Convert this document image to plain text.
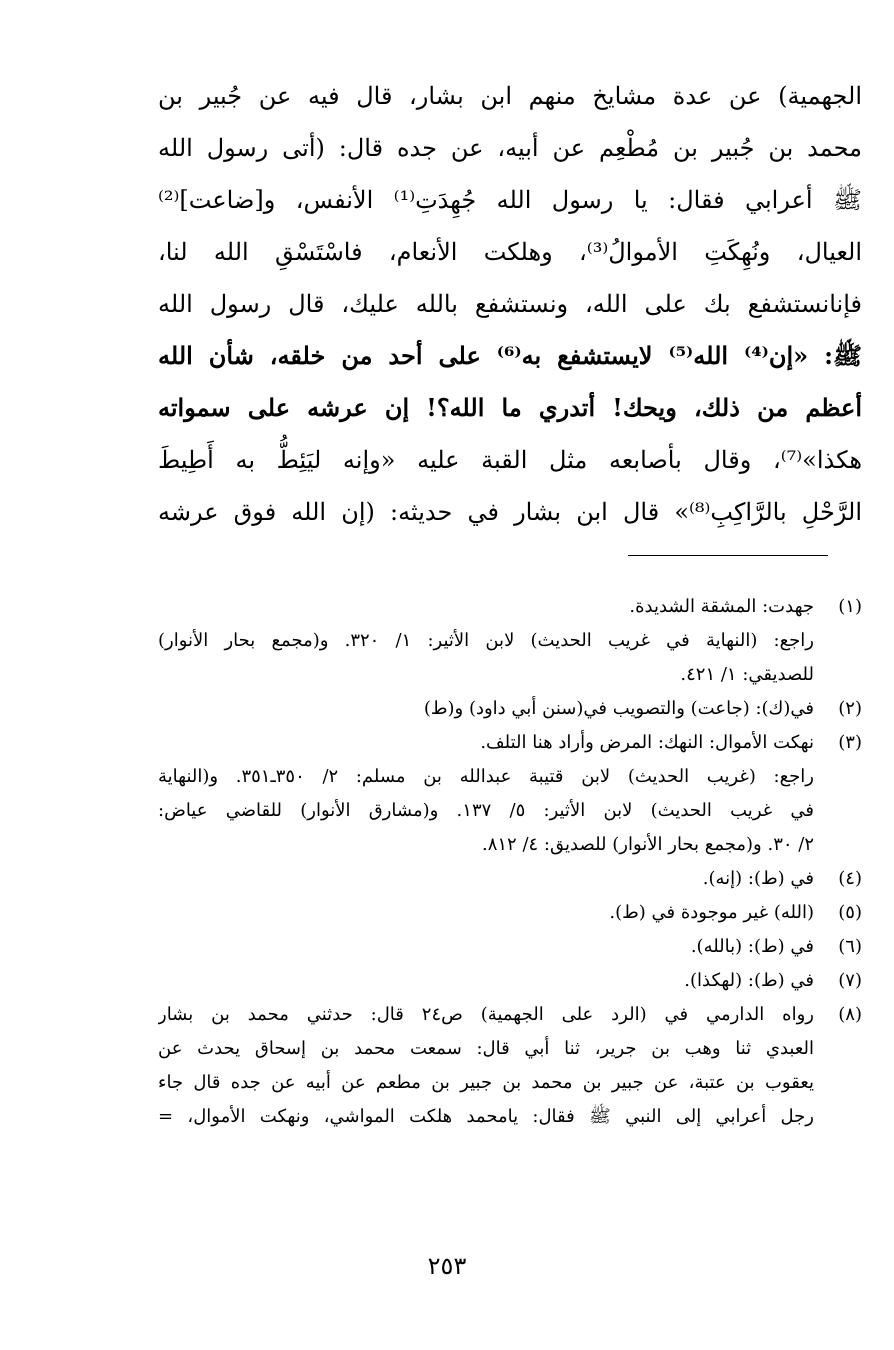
الجهمية) عن عدة مشايخ منهم ابن بشار، قال فيه عن جُبير بن
محمد بن جُبير بن مُطْعِم عن أبيه، عن جده قال: (أتى رسول الله
ﷺ أعرابي فقال: يا رسول الله جُهِدَتِ⁽¹⁾ الأنفس، و[ضاعت]⁽²⁾
العيال، ونُهِكَتِ الأموالُ⁽³⁾، وهلكت الأنعام، فاسْتَسْقِ الله لنا،
فإنانستشفع بك على الله، ونستشفع بالله عليك، قال رسول الله
ﷺ: «إن⁽⁴⁾ الله⁽⁵⁾ لايستشفع به⁽⁶⁾ على أحد من خلقه، شأن الله
أعظم من ذلك، ويحك! أتدري ما الله؟! إن عرشه على سمواته
هكذا»⁽⁷⁾، وقال بأصابعه مثل القبة عليه «وإنه ليَئِطُّ به أَطِيطَ
الرَّحْلِ بالرَّاكِبِ⁽⁸⁾» قال ابن بشار في حديثه: (إن الله فوق عرشه
(١)
جهدت: المشقة الشديدة.
راجع: (النهاية في غريب الحديث) لابن الأثير: ١/ ٣٢٠. و(مجمع بحار الأنوار)
للصديقي: ١/ ٤٢١.
(٢)
في(ك): (جاعت) والتصويب في(سنن أبي داود) و(ط)
(٣)
نهكت الأموال: النهك: المرض وأراد هنا التلف.
راجع: (غريب الحديث) لابن قتيبة عبدالله بن مسلم: ٢/ ٣٥٠ـ٣٥١. و(النهاية
في غريب الحديث) لابن الأثير: ٥/ ١٣٧. و(مشارق الأنوار) للقاضي عياض:
٢/ ٣٠. و(مجمع بحار الأنوار) للصديق: ٤/ ٨١٢.
(٤)
في (ط): (إنه).
(٥)
(الله) غير موجودة في (ط).
(٦)
في (ط): (بالله).
(٧)
في (ط): (لهكذا).
(٨)
رواه الدارمي في (الرد على الجهمية) ص٢٤ قال: حدثني محمد بن بشار
العبدي ثنا وهب بن جرير، ثنا أبي قال: سمعت محمد بن إسحاق يحدث عن
يعقوب بن عتبة، عن جبير بن محمد بن جبير بن مطعم عن أبيه عن جده قال جاء
رجل أعرابي إلى النبي ﷺ فقال: يامحمد هلكت المواشي، ونهكت الأموال، =
٢٥٣
